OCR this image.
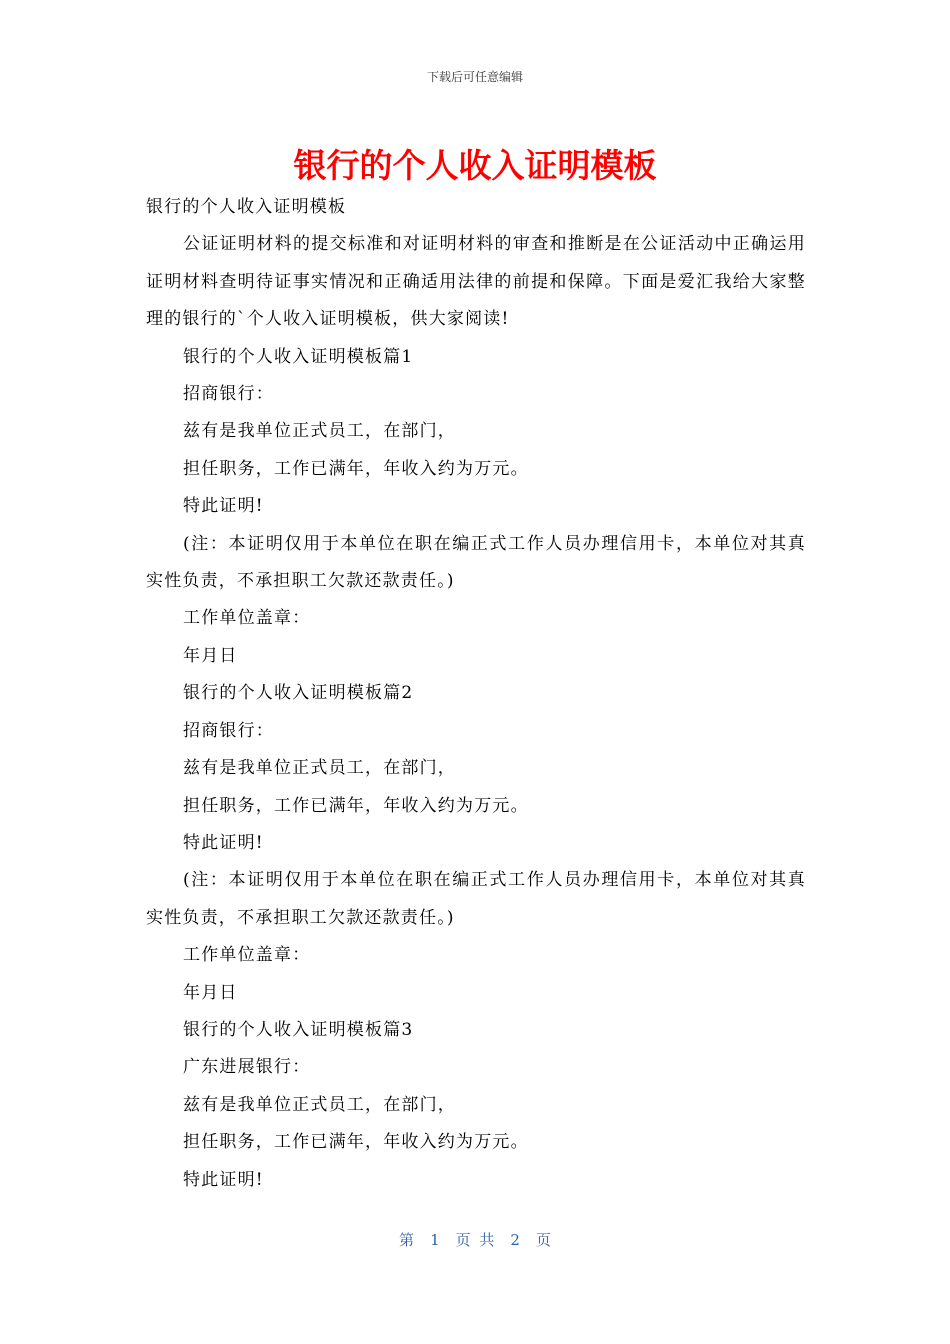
下载后可任意编辑
银行的个人收入证明模板

银行的个人收入证明模板

公证证明材料的提交标准和对证明材料的审查和推断是在公证活动中正确运用证明材料查明待证事实情况和正确适用法律的前提和保障。下面是爱汇我给大家整理的银行的`个人收入证明模板，供大家阅读!

银行的个人收入证明模板篇1

招商银行：

兹有是我单位正式员工，在部门，

担任职务，工作已满年，年收入约为万元。

特此证明!

(注：本证明仅用于本单位在职在编正式工作人员办理信用卡，本单位对其真实性负责，不承担职工欠款还款责任。)

工作单位盖章：

年月日

银行的个人收入证明模板篇2

招商银行：

兹有是我单位正式员工，在部门，

担任职务，工作已满年，年收入约为万元。

特此证明!

(注：本证明仅用于本单位在职在编正式工作人员办理信用卡，本单位对其真实性负责，不承担职工欠款还款责任。)

工作单位盖章：

年月日

银行的个人收入证明模板篇3

广东进展银行：

兹有是我单位正式员工，在部门，

担任职务，工作已满年，年收入约为万元。

特此证明!

第 1 页 共 2 页
